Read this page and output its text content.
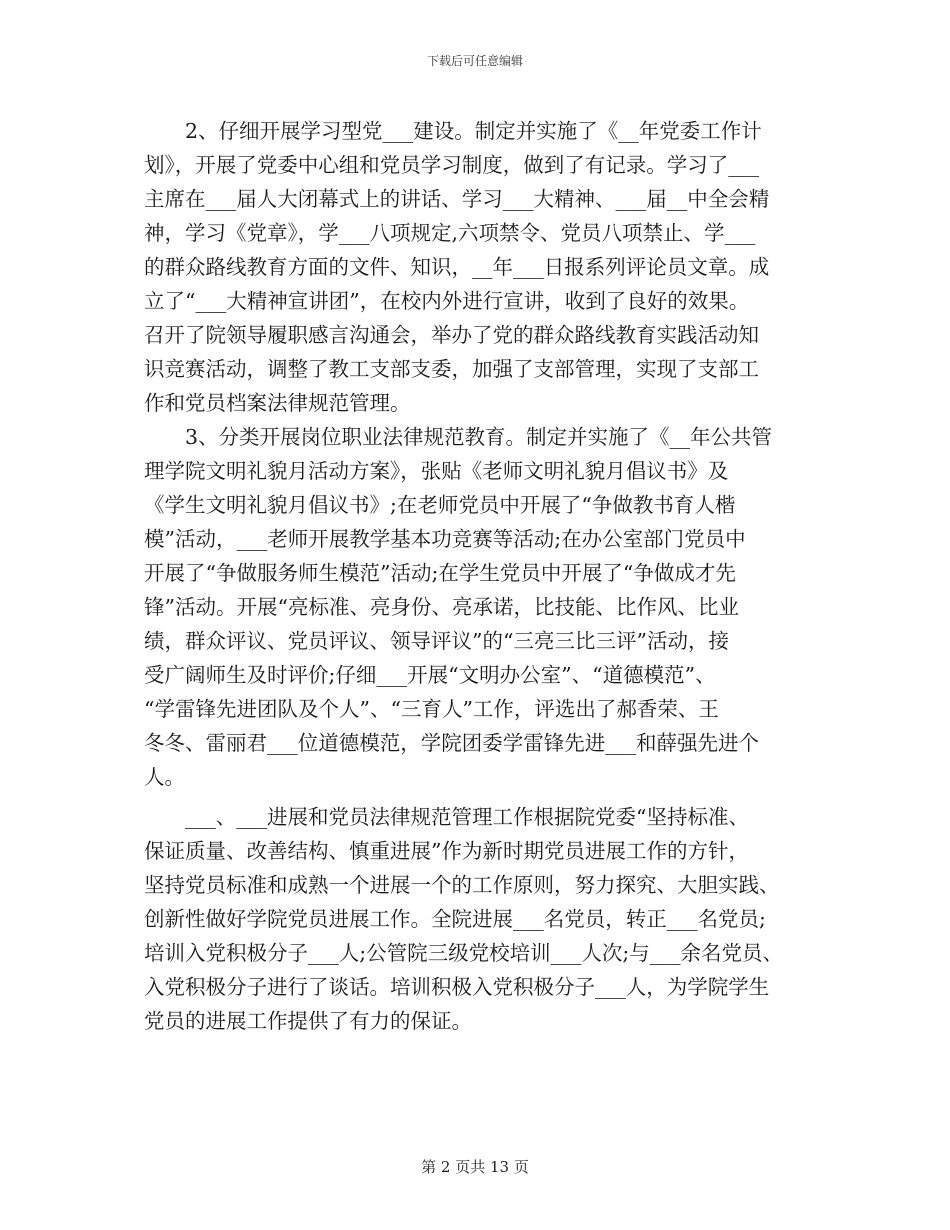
下载后可任意编辑
2、仔细开展学习型党___建设。制定并实施了《__年党委工作计
划》，开展了党委中心组和党员学习制度，做到了有记录。学习了___
主席在___届人大闭幕式上的讲话、学习___大精神、___届__中全会精
神，学习《党章》，学___八项规定,六项禁令、党员八项禁止、学___
的群众路线教育方面的文件、知识，__年___日报系列评论员文章。成
立了“___大精神宣讲团”，在校内外进行宣讲，收到了良好的效果。
召开了院领导履职感言沟通会，举办了党的群众路线教育实践活动知
识竞赛活动，调整了教工支部支委，加强了支部管理，实现了支部工
作和党员档案法律规范管理。
3、分类开展岗位职业法律规范教育。制定并实施了《__年公共管
理学院文明礼貌月活动方案》，张贴《老师文明礼貌月倡议书》及
《学生文明礼貌月倡议书》;在老师党员中开展了“争做教书育人楷
模”活动，___老师开展教学基本功竞赛等活动;在办公室部门党员中
开展了“争做服务师生模范”活动;在学生党员中开展了“争做成才先
锋”活动。开展“亮标准、亮身份、亮承诺，比技能、比作风、比业
绩，群众评议、党员评议、领导评议”的“三亮三比三评”活动，接
受广阔师生及时评价;仔细___开展“文明办公室”、“道德模范”、
“学雷锋先进团队及个人”、“三育人”工作，评选出了郝香荣、王
冬冬、雷丽君___位道德模范，学院团委学雷锋先进___和薛强先进个
人。
___、___进展和党员法律规范管理工作根据院党委“坚持标准、
保证质量、改善结构、慎重进展”作为新时期党员进展工作的方针，
坚持党员标准和成熟一个进展一个的工作原则，努力探究、大胆实践、
创新性做好学院党员进展工作。全院进展___名党员，转正___名党员;
培训入党积极分子___人;公管院三级党校培训___人次;与___余名党员、
入党积极分子进行了谈话。培训积极入党积极分子___人，为学院学生
党员的进展工作提供了有力的保证。
第 2 页共 13 页
